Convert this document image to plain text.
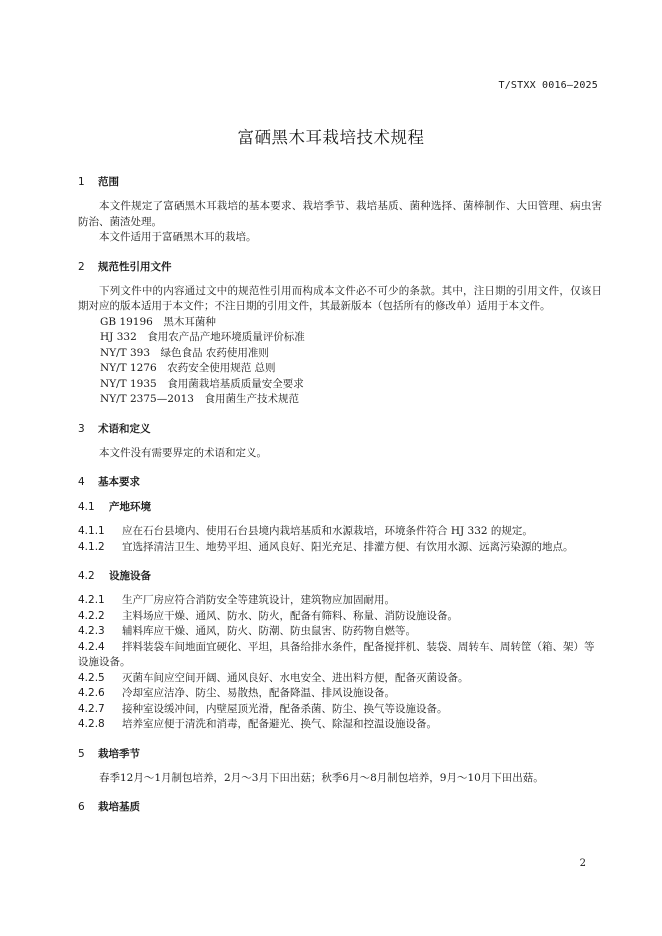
T/STXX 0016—2025
富硒黑木耳栽培技术规程
1	范围
本文件规定了富硒黑木耳栽培的基本要求、栽培季节、栽培基质、菌种选择、菌棒制作、大田管理、病虫害防治、菌渣处理。
本文件适用于富硒黑木耳的栽培。
2	规范性引用文件
下列文件中的内容通过文中的规范性引用而构成本文件必不可少的条款。其中，注日期的引用文件，仅该日期对应的版本适用于本文件；不注日期的引用文件，其最新版本（包括所有的修改单）适用于本文件。
GB 19196　黑木耳菌种
HJ 332　食用农产品产地环境质量评价标准
NY/T 393　绿色食品 农药使用准则
NY/T 1276　农药安全使用规范 总则
NY/T 1935　食用菌栽培基质质量安全要求
NY/T 2375—2013　食用菌生产技术规范
3	术语和定义
本文件没有需要界定的术语和定义。
4	基本要求
4.1	产地环境
4.1.1	应在石台县境内、使用石台县境内栽培基质和水源栽培，环境条件符合 HJ 332 的规定。
4.1.2 宜选择清洁卫生、地势平坦、通风良好、阳光充足、排灌方便、有饮用水源、远离污染源的地点。
4.2	设施设备
4.2.1	生产厂房应符合消防安全等建筑设计，建筑物应加固耐用。
4.2.2	主料场应干燥、通风、防水、防火，配备有筛料、称量、消防设施设备。
4.2.3	辅料库应干燥、通风，防火、防潮、防虫鼠害、防药物自燃等。
4.2.4 拌料装袋车间地面宜硬化、平坦，具备给排水条件，配备搅拌机、装袋、周转车、周转筐（箱、架）等设施设备。
4.2.5	灭菌车间应空间开阔、通风良好、水电安全、进出料方便，配备灭菌设备。
4.2.6	冷却室应洁净、防尘、易散热，配备降温、排风设施设备。
4.2.7	接种室设缓冲间，内壁屋顶光滑，配备杀菌、防尘、换气等设施设备。
4.2.8	培养室应便于清洗和消毒，配备避光、换气、除湿和控温设施设备。
5	栽培季节
春季12月～1月制包培养，2月～3月下田出菇；秋季6月～8月制包培养，9月～10月下田出菇。
6	栽培基质
2
